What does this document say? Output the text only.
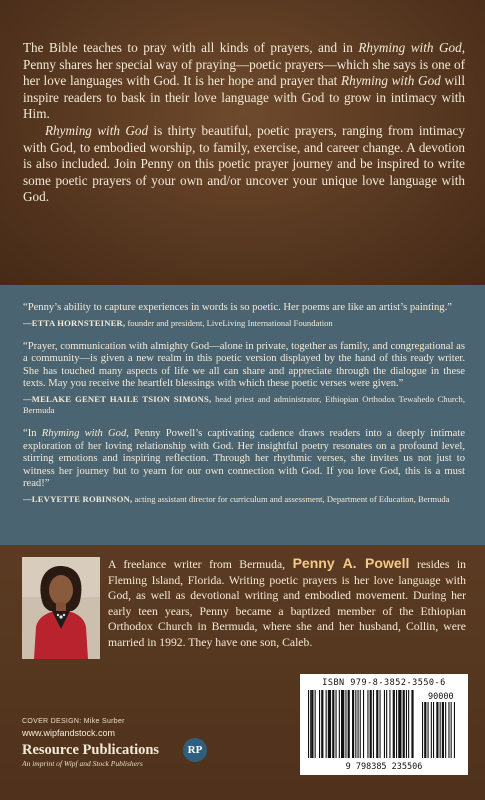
The Bible teaches to pray with all kinds of prayers, and in Rhyming with God, Penny shares her special way of praying—poetic prayers—which she says is one of her love languages with God. It is her hope and prayer that Rhyming with God will inspire readers to bask in their love language with God to grow in intimacy with Him.

Rhyming with God is thirty beautiful, poetic prayers, ranging from intimacy with God, to embodied worship, to family, exercise, and career change. A devotion is also included. Join Penny on this poetic prayer journey and be inspired to write some poetic prayers of your own and/or uncover your unique love language with God.

“Penny’s ability to capture experiences in words is so poetic. Her poems are like an artist’s painting.”

—ETTA HORNSTEINER, founder and president, LiveLiving International Foundation

“Prayer, communication with almighty God—alone in private, together as family, and congregational as a community—is given a new realm in this poetic version displayed by the hand of this ready writer. She has touched many aspects of life we all can share and appreciate through the dialogue in these texts. May you receive the heartfelt blessings with which these poetic verses were given.”

—MELAKE GENET HAILE TSION SIMONS, head priest and administrator, Ethiopian Orthodox Tewahedo Church, Bermuda

“In Rhyming with God, Penny Powell’s captivating cadence draws readers into a deeply intimate exploration of her loving relationship with God. Her insightful poetry resonates on a profound level, stirring emotions and inspiring reflection. Through her rhythmic verses, she invites us not just to witness her journey but to yearn for our own connection with God. If you love God, this is a must read!”

—LEVYETTE ROBINSON, acting assistant director for curriculum and assessment, Department of Education, Bermuda
A freelance writer from Bermuda, Penny A. Powell resides in Fleming Island, Florida. Writing poetic prayers is her love language with God, as well as devotional writing and embodied movement. During her early teen years, Penny became a baptized member of the Ethiopian Orthodox Church in Bermuda, where she and her husband, Collin, were married in 1992. They have one son, Caleb.
COVER DESIGN: Mike Surber
www.wipfandstock.com
Resource Publications
An imprint of Wipf and Stock Publishers
RP
ISBN 979-8-3852-3550-6
90000
9 798385 235506
